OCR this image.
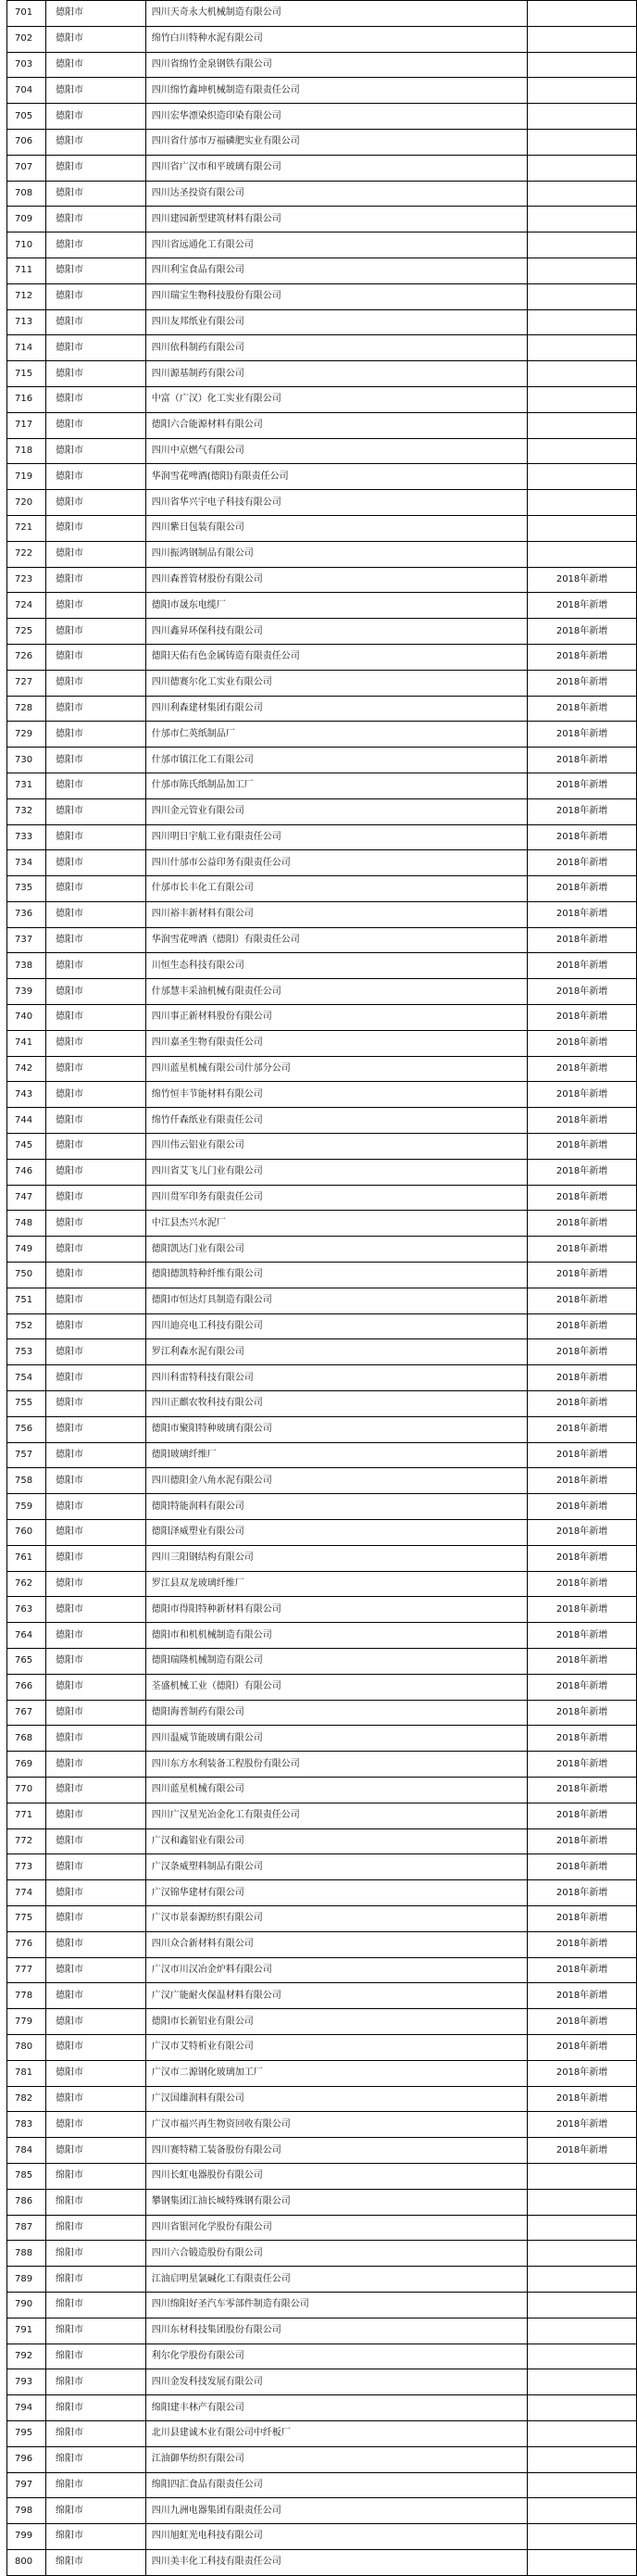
701	德阳市	四川天奇永大机械制造有限公司	
702	德阳市	绵竹白川特种水泥有限公司	
703	德阳市	四川省绵竹金泉钢铁有限公司	
704	德阳市	四川绵竹鑫坤机械制造有限责任公司	
705	德阳市	四川宏华漂染织造印染有限公司	
706	德阳市	四川省什邡市万福磷肥实业有限公司	
707	德阳市	四川省广汉市和平玻璃有限公司	
708	德阳市	四川达圣投资有限公司	
709	德阳市	四川建园新型建筑材料有限公司	
710	德阳市	四川省远通化工有限公司	
711	德阳市	四川利宝食品有限公司	
712	德阳市	四川瑞宝生物科技股份有限公司	
713	德阳市	四川友邦纸业有限公司	
714	德阳市	四川依科制药有限公司	
715	德阳市	四川源基制药有限公司	
716	德阳市	中富（广汉）化工实业有限公司	
717	德阳市	德阳六合能源材料有限公司	
718	德阳市	四川中京燃气有限公司	
719	德阳市	华润雪花啤酒(德阳)有限责任公司	
720	德阳市	四川省华兴宇电子科技有限公司	
721	德阳市	四川紫日包装有限公司	
722	德阳市	四川振鸿钢制品有限公司	
723	德阳市	四川森普管材股份有限公司	2018年新增
724	德阳市	德阳市晟东电缆厂	2018年新增
725	德阳市	四川鑫昇环保科技有限公司	2018年新增
726	德阳市	德阳天佑有色金属铸造有限责任公司	2018年新增
727	德阳市	四川德赛尔化工实业有限公司	2018年新增
728	德阳市	四川利森建材集团有限公司	2018年新增
729	德阳市	什邡市仁英纸制品厂	2018年新增
730	德阳市	什邡市镇江化工有限公司	2018年新增
731	德阳市	什邡市陈氏纸制品加工厂	2018年新增
732	德阳市	四川金元管业有限公司	2018年新增
733	德阳市	四川明日宇航工业有限责任公司	2018年新增
734	德阳市	四川什邡市公益印务有限责任公司	2018年新增
735	德阳市	什邡市长丰化工有限公司	2018年新增
736	德阳市	四川裕丰新材料有限公司	2018年新增
737	德阳市	华润雪花啤酒（德阳）有限责任公司	2018年新增
738	德阳市	川恒生态科技有限公司	2018年新增
739	德阳市	什邡慧丰采油机械有限责任公司	2018年新增
740	德阳市	四川事正新材料股份有限公司	2018年新增
741	德阳市	四川嘉圣生物有限责任公司	2018年新增
742	德阳市	四川蓝星机械有限公司什邡分公司	2018年新增
743	德阳市	绵竹恒丰节能材料有限公司	2018年新增
744	德阳市	绵竹仟森纸业有限责任公司	2018年新增
745	德阳市	四川伟云铝业有限公司	2018年新增
746	德阳市	四川省艾飞儿门业有限公司	2018年新增
747	德阳市	四川贯军印务有限责任公司	2018年新增
748	德阳市	中江县杰兴水泥厂	2018年新增
749	德阳市	德阳凯达门业有限公司	2018年新增
750	德阳市	德阳德凯特种纤维有限公司	2018年新增
751	德阳市	德阳市恒达灯具制造有限公司	2018年新增
752	德阳市	四川迪亮电工科技有限公司	2018年新增
753	德阳市	罗江利森水泥有限公司	2018年新增
754	德阳市	四川科雷特科技有限公司	2018年新增
755	德阳市	四川正麒农牧科技有限公司	2018年新增
756	德阳市	德阳市聚阳特种玻璃有限公司	2018年新增
757	德阳市	德阳玻璃纤维厂	2018年新增
758	德阳市	四川德阳金八角水泥有限公司	2018年新增
759	德阳市	德阳特能润料有限公司	2018年新增
760	德阳市	德阳泽威塑业有限公司	2018年新增
761	德阳市	四川三阳钢结构有限公司	2018年新增
762	德阳市	罗江县双龙玻璃纤维厂	2018年新增
763	德阳市	德阳市得阳特种新材料有限公司	2018年新增
764	德阳市	德阳市和机机械制造有限公司	2018年新增
765	德阳市	德阳瑞隆机械制造有限公司	2018年新增
766	德阳市	荃盛机械工业（德阳）有限公司	2018年新增
767	德阳市	德阳海普制药有限公司	2018年新增
768	德阳市	四川温威节能玻璃有限公司	2018年新增
769	德阳市	四川东方水利装备工程股份有限公司	2018年新增
770	德阳市	四川蓝星机械有限公司	2018年新增
771	德阳市	四川广汉星光冶金化工有限责任公司	2018年新增
772	德阳市	广汉和鑫铝业有限公司	2018年新增
773	德阳市	广汉条威塑料制品有限公司	2018年新增
774	德阳市	广汉锦华建材有限公司	2018年新增
775	德阳市	广汉市景泰源纺织有限公司	2018年新增
776	德阳市	四川众合新材料有限公司	2018年新增
777	德阳市	广汉市川汉冶金炉料有限公司	2018年新增
778	德阳市	广汉广能耐火保温材料有限公司	2018年新增
779	德阳市	德阳市长新铝业有限公司	2018年新增
780	德阳市	广汉市艾特析业有限公司	2018年新增
781	德阳市	广汉市二源钢化玻璃加工厂	2018年新增
782	德阳市	广汉国雄润料有限公司	2018年新增
783	德阳市	广汉市福兴再生物资回收有限公司	2018年新增
784	德阳市	四川赛特精工装备股份有限公司	2018年新增
785	绵阳市	四川长虹电器股份有限公司	
786	绵阳市	攀钢集团江油长城特殊钢有限公司	
787	绵阳市	四川省银河化学股份有限公司	
788	绵阳市	四川六合锻造股份有限公司	
789	绵阳市	江油启明星氯碱化工有限责任公司	
790	绵阳市	四川绵阳好圣汽车零部件制造有限公司	
791	绵阳市	四川东材科技集团股份有限公司	
792	绵阳市	利尔化学股份有限公司	
793	绵阳市	四川金发科技发展有限公司	
794	绵阳市	绵阳建丰林产有限公司	
795	绵阳市	北川县建诚木业有限公司中纤板厂	
796	绵阳市	江油御华纺织有限公司	
797	绵阳市	绵阳四汇食品有限责任公司	
798	绵阳市	四川九洲电器集团有限责任公司	
799	绵阳市	四川旭虹光电科技有限公司	
800	绵阳市	四川美丰化工科技有限责任公司	
